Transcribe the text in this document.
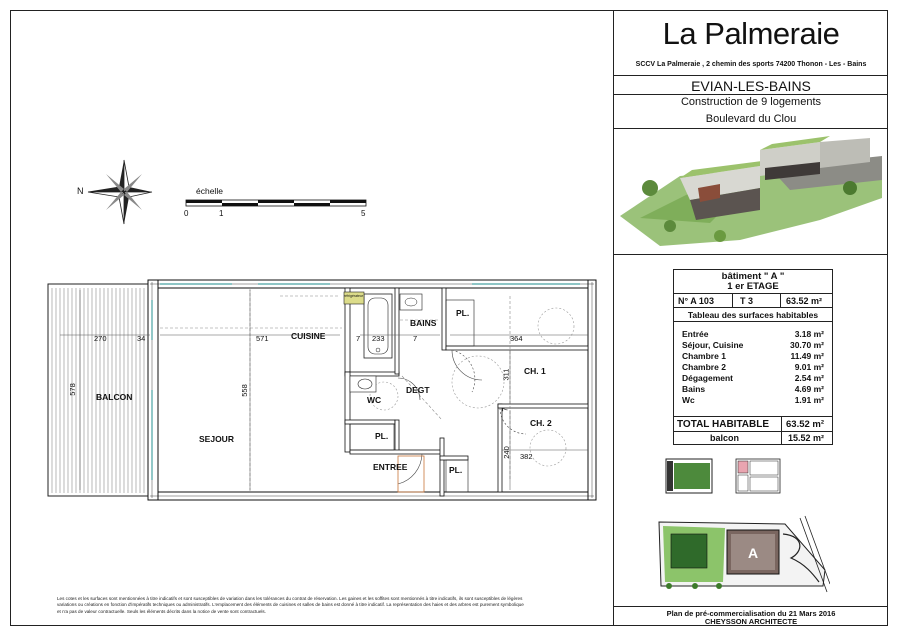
La Palmeraie
SCCV La Palmeraie , 2 chemin des sports 74200 Thonon - Les - Bains
EVIAN-LES-BAINS
Construction de 9 logements
Boulevard du Clou
bâtiment " A "
1 er ETAGE
N° A 103	T 3	63.52 m²
Tableau des surfaces habitables
Entrée	3.18 m²
Séjour, Cuisine	30.70 m²
Chambre 1	11.49 m²
Chambre 2	9.01 m²
Dégagement	2.54 m²
Bains	4.69 m²
Wc	1.91 m²
TOTAL HABITABLE 63.52 m²
balcon	15.52 m²
A
Plan de pré-commercialisation du 21 Mars 2016
CHEYSSON ARCHITECTE
N	échelle
0	1	5
BALCON
SEJOUR
CUISINE
BAINS
PL.
WC
DEGT
PL.
CH. 1
CH. 2
ENTREE	PL.
réfrigérateur
270	34
578
571
558
7 233	7	364
311
7
240 382
Les cotes et les surfaces sont mentionnées à titre indicatifs et sont susceptibles de variation dans les tolérances du contrat de réservation. Les gaines et les soffites sont mentionnés à titre indicatifs, ils sont susceptibles de légères variations ou créations en fonction d'impératifs techniques ou administratifs. L'emplacement des éléments de cuisines et salles de bains est donné à titre indicatif. La représentation des haies et des arbres est purement symbolique et n'a pas de valeur contractuelle. Seuls les éléments décrits dans la notice de vente sont contractuels.
